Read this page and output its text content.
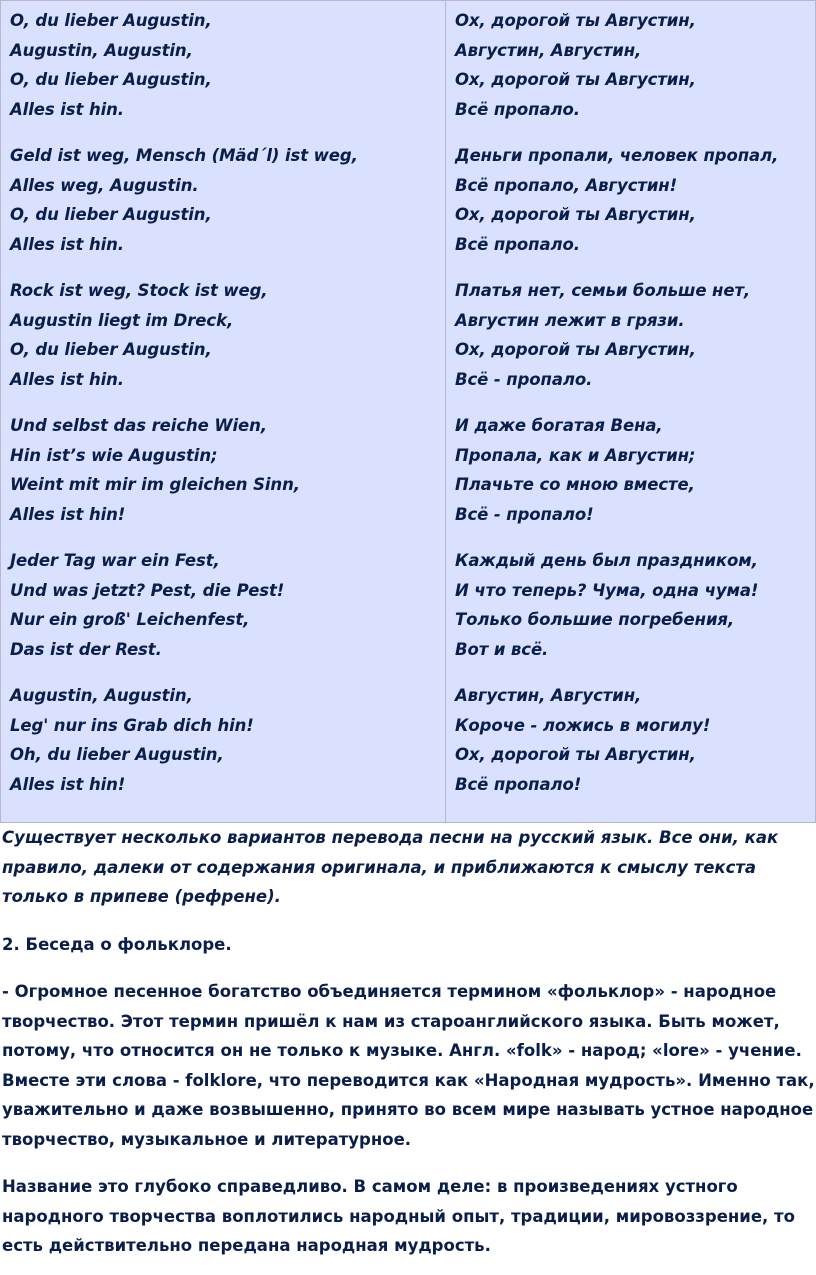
O, du lieber Augustin,
Augustin, Augustin,
O, du lieber Augustin,
Alles ist hin.
Geld ist weg, Mensch (Mäd´l) ist weg,
Alles weg, Augustin.
O, du lieber Augustin,
Alles ist hin.
Rock ist weg, Stock ist weg,
Augustin liegt im Dreck,
O, du lieber Augustin,
Alles ist hin.
Und selbst das reiche Wien,
Hin ist’s wie Augustin;
Weint mit mir im gleichen Sinn,
Alles ist hin!
Jeder Tag war ein Fest,
Und was jetzt? Pest, die Pest!
Nur ein groß' Leichenfest,
Das ist der Rest.
Augustin, Augustin,
Leg' nur ins Grab dich hin!
Oh, du lieber Augustin,
Alles ist hin!
Ох, дорогой ты Августин,
Августин, Августин,
Ох, дорогой ты Августин,
Всё пропало.
Деньги пропали, человек пропал,
Всё пропало, Августин!
Ох, дорогой ты Августин,
Всё пропало.
Платья нет, семьи больше нет,
Августин лежит в грязи.
Ох, дорогой ты Августин,
Всё - пропало.
И даже богатая Вена,
Пропала, как и Августин;
Плачьте со мною вместе,
Всё - пропало!
Каждый день был праздником,
И что теперь? Чума, одна чума!
Только большие погребения,
Вот и всё.
Августин, Августин,
Короче - ложись в могилу!
Ох, дорогой ты Августин,
Всё пропало!

Существует несколько вариантов перевода песни на русский язык. Все они, как правило, далеки от содержания оригинала, и приближаются к смыслу текста только в припеве (рефрене).

2. Беседа о фольклоре.

- Огромное песенное богатство объединяется термином «фольклор» - народное творчество. Этот термин пришёл к нам из староанглийского языка. Быть может, потому, что относится он не только к музыке. Англ. «folk» - народ; «lore» - учение. Вместе эти слова - folklore, что переводится как «Народная мудрость». Именно так, уважительно и даже возвышенно, принято во всем мире называть устное народное творчество, музыкальное и литературное.

Название это глубоко справедливо. В самом деле: в произведениях устного народного творчества воплотились народный опыт, традиции, мировоззрение, то есть действительно передана народная мудрость.
